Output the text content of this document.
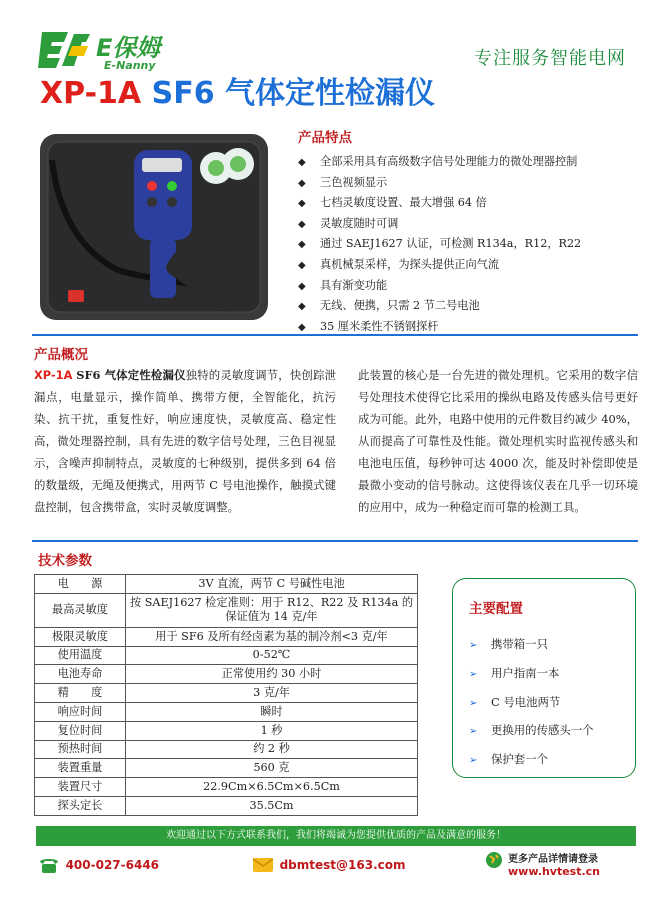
E保姆
E-Nanny	专注服务智能电网
XP-1A SF6 气体定性检漏仪
产品特点
◆ 全部采用具有高级数字信号处理能力的微处理器控制
◆ 三色视频显示
◆ 七档灵敏度设置、最大增强 64 倍
◆ 灵敏度随时可调
◆ 通过 SAEJ1627 认证，可检测 R134a，R12，R22
◆ 真机械泵采样，为探头提供正向气流
◆ 具有渐变功能
◆ 无线、便携，只需 2 节二号电池
◆ 35 厘米柔性不锈钢探杆
产品概况
XP-1A SF6 气体定性检漏仪独特的灵敏度调节，快创踪泄漏点，电量显示，操作简单、携带方便，全智能化，抗污染、抗干扰，重复性好，响应速度快，灵敏度高、稳定性高，微处理器控制，具有先进的数字信号处理，三色目视显示，含噪声抑制特点，灵敏度的七种级别，提供多到 64 倍的数量级，无绳及便携式，用两节 C 号电池操作，触摸式键盘控制，包含携带盒，实时灵敏度调整。
此装置的核心是一台先进的微处理机。它采用的数字信号处理技术使得它比采用的操纵电路及传感头信号更好成为可能。此外，电路中使用的元件数目约减少 40%，从而提高了可靠性及性能。微处理机实时监视传感头和电池电压值，每秒钟可达 4000 次，能及时补偿即使是最微小变动的信号脉动。这使得该仪表在几乎一切环境的应用中，成为一种稳定而可靠的检测工具。
技术参数
电　　源	3V 直流，两节 C 号碱性电池
最高灵敏度	按 SAEJ1627 检定准则：用于 R12、R22 及 R134a 的保证值为 14 克/年
极限灵敏度	用于 SF6 及所有经卤素为基的制冷剂<3 克/年
使用温度	0-52℃
电池寿命	正常使用约 30 小时
精　　度	3 克/年
响应时间	瞬时
复位时间	1 秒
预热时间	约 2 秒
装置重量	560 克
装置尺寸	22.9Cm×6.5Cm×6.5Cm
探头定长	35.5Cm
主要配置
➢ 携带箱一只
➢ 用户指南一本
➢ C 号电池两节
➢ 更换用的传感头一个
➢ 保护套一个
欢迎通过以下方式联系我们，我们将竭诚为您提供优质的产品及满意的服务！
400-027-6446	dbmtest@163.com	更多产品详情请登录
www.hvtest.cn
